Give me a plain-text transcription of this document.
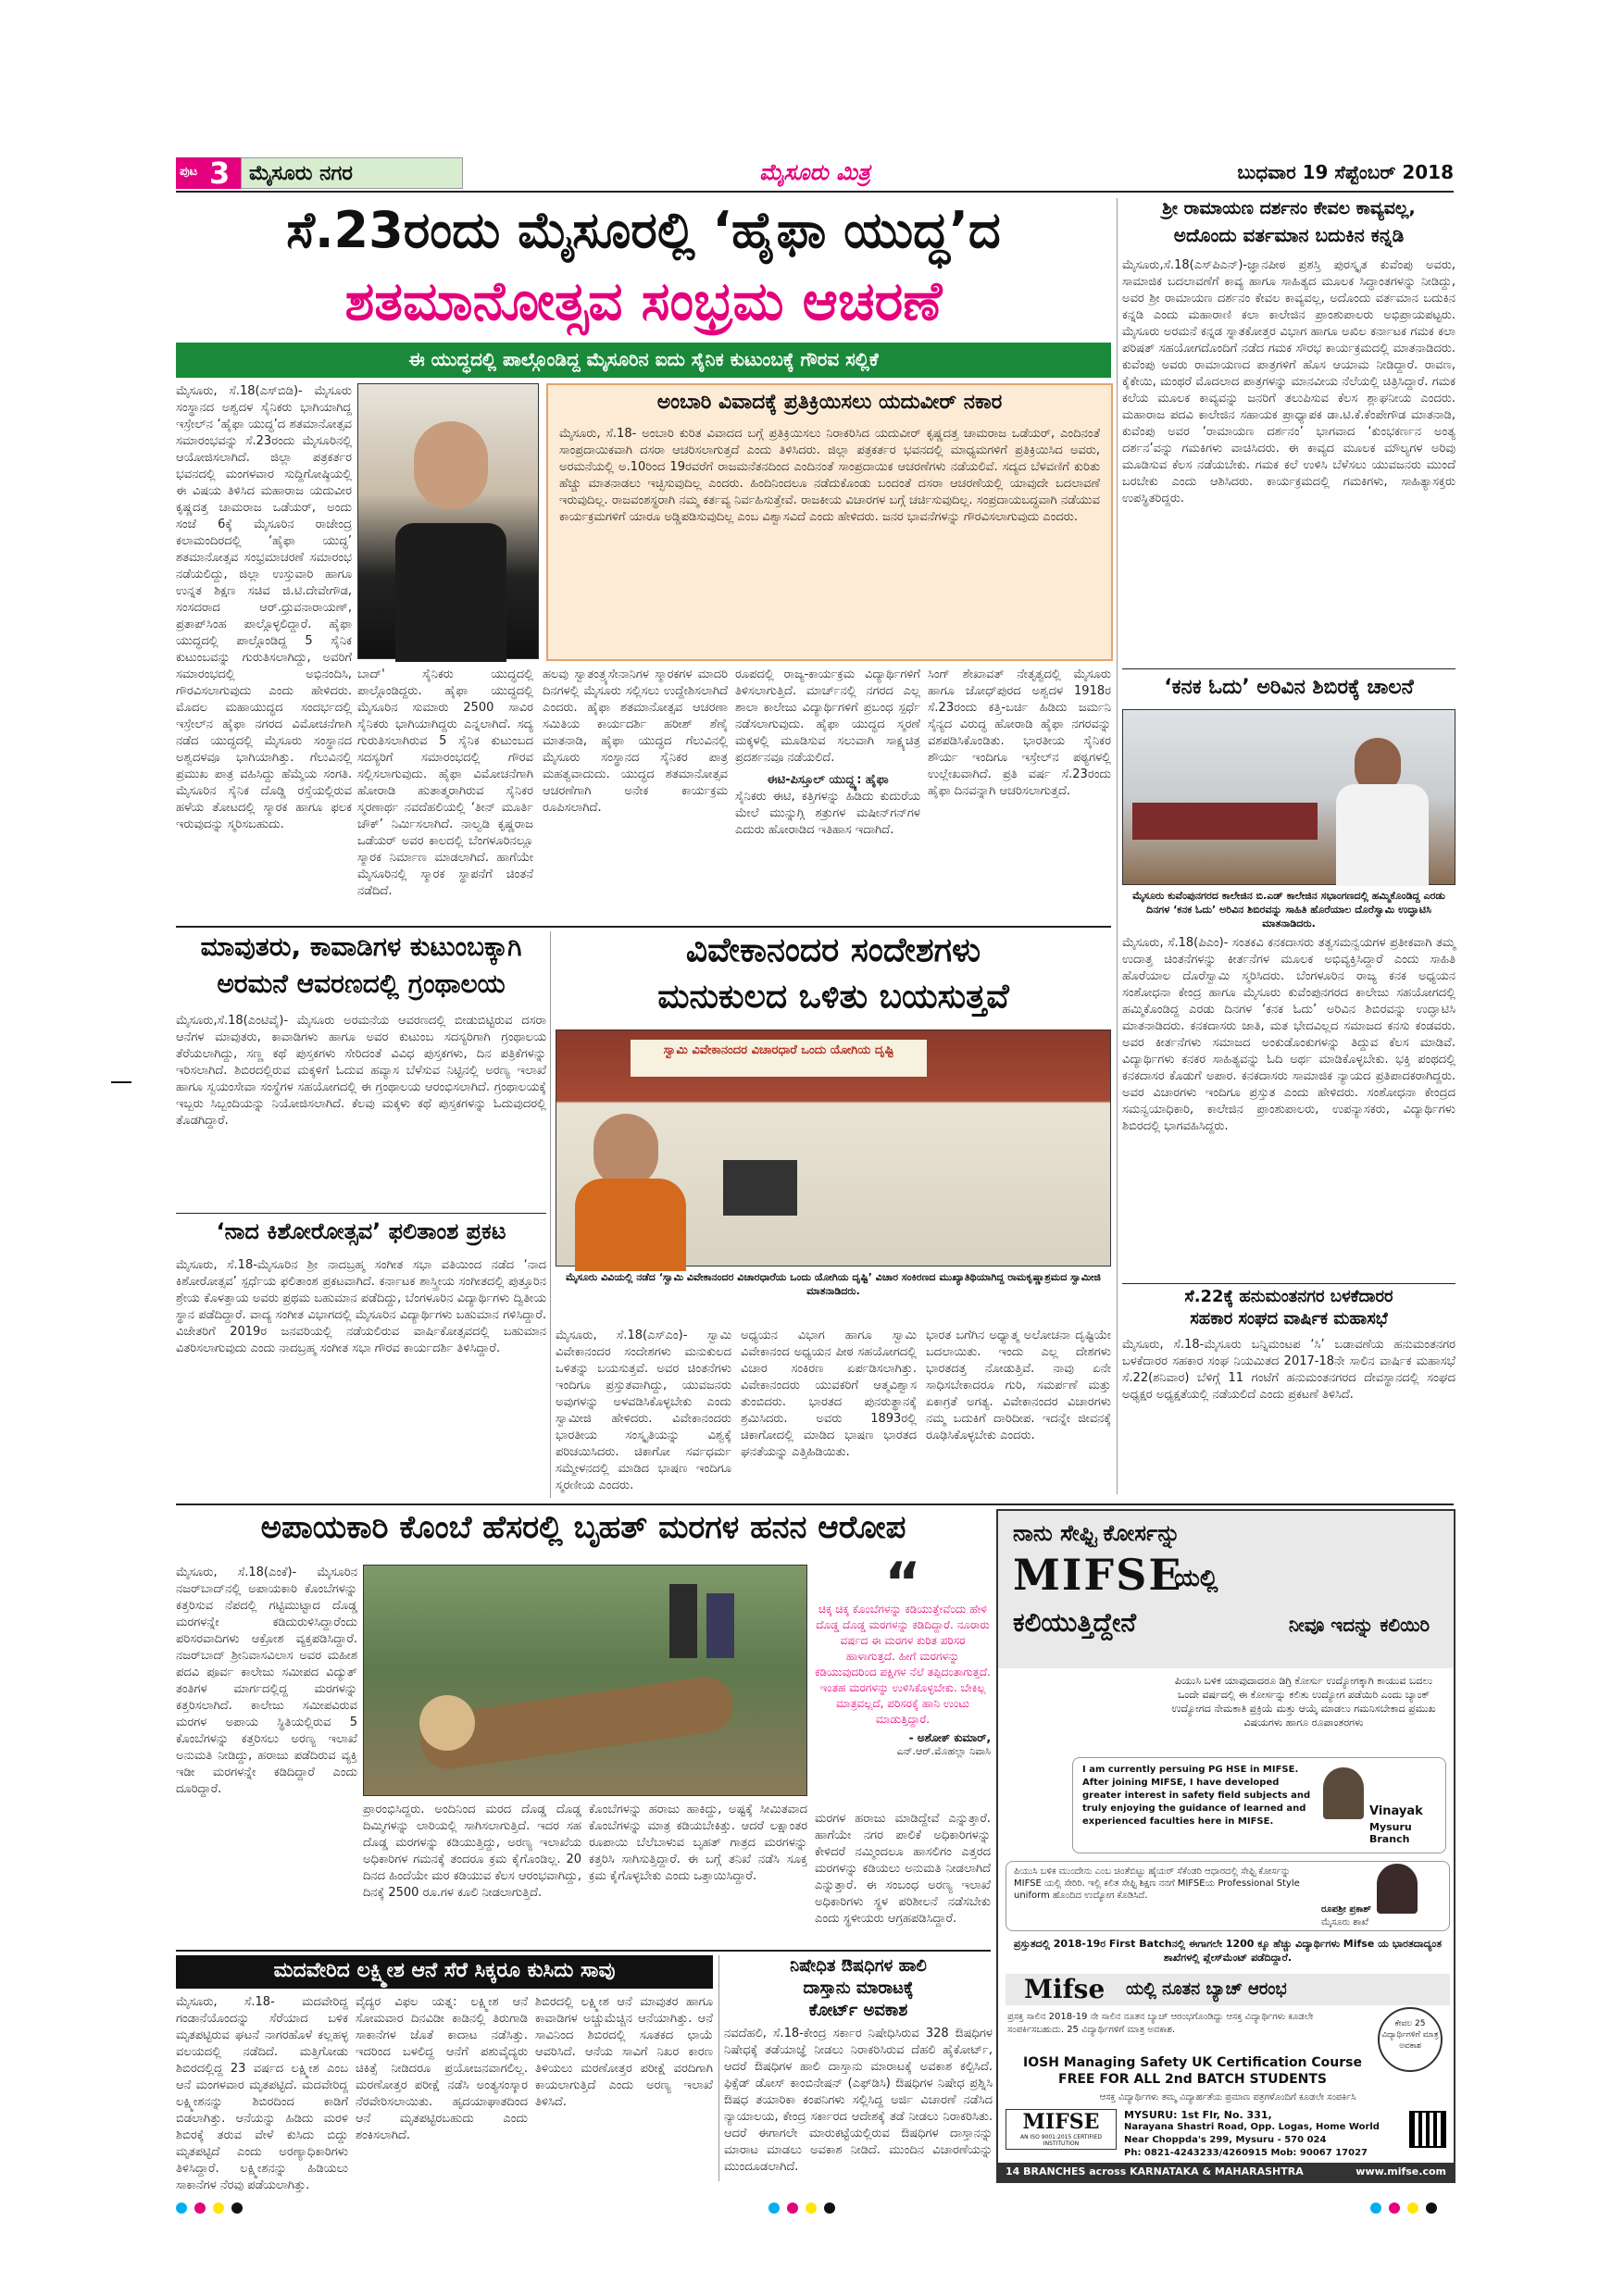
ಪುಟ 3 ಮೈಸೂರು ನಗರ	ಮೈಸೂರು ಮಿತ್ರ	ಬುಧವಾರ 19 ಸೆಪ್ಟೆಂಬರ್ 2018
ಸೆ.23ರಂದು ಮೈಸೂರಲ್ಲಿ ‘ಹೈಫಾ ಯುದ್ಧ’ದ
ಶತಮಾನೋತ್ಸವ ಸಂಭ್ರಮ ಆಚರಣೆ
ಈ ಯುದ್ಧದಲ್ಲಿ ಪಾಲ್ಗೊಂಡಿದ್ದ ಮೈಸೂರಿನ ಐದು ಸೈನಿಕ ಕುಟುಂಬಕ್ಕೆ ಗೌರವ ಸಲ್ಲಿಕೆ
ಮೈಸೂರು, ಸೆ.18(ಎಸ್‌ಬಿಡಿ)- ಮೈಸೂರು ಸಂಸ್ಥಾನದ ಅಶ್ವದಳ ಸೈನಿಕರು ಭಾಗಿಯಾಗಿದ್ದ ಇಸ್ರೇಲ್‌ನ ‘ಹೈಫಾ ಯುದ್ಧ’ದ ಶತಮಾನೋತ್ಸವ ಸಮಾರಂಭವನ್ನು ಸೆ.23ರಂದು ಮೈಸೂರಿನಲ್ಲಿ ಆಯೋಜಿಸಲಾಗಿದೆ. ಜಿಲ್ಲಾ ಪತ್ರಕರ್ತರ ಭವನದಲ್ಲಿ ಮಂಗಳವಾರ ಸುದ್ದಿಗೋಷ್ಠಿಯಲ್ಲಿ ಈ ವಿಷಯ ತಿಳಿಸಿದ ಮಹಾರಾಜ ಯದುವೀರ ಕೃಷ್ಣದತ್ತ ಚಾಮರಾಜ ಒಡೆಯರ್, ಅಂದು ಸಂಜೆ 6ಕ್ಕೆ ಮೈಸೂರಿನ ರಾಜೇಂದ್ರ ಕಲಾಮಂದಿರದಲ್ಲಿ ‘ಹೈಫಾ ಯುದ್ಧ’ ಶತಮಾನೋತ್ಸವ ಸಂಭ್ರಮಾಚರಣೆ ಸಮಾರಂಭ ನಡೆಯಲಿದ್ದು, ಜಿಲ್ಲಾ ಉಸ್ತುವಾರಿ ಹಾಗೂ ಉನ್ನತ ಶಿಕ್ಷಣ ಸಚಿವ ಜಿ.ಟಿ.ದೇವೇಗೌಡ, ಸಂಸದರಾದ ಆರ್.ಧ್ರುವನಾರಾಯಣ್, ಪ್ರತಾಪ್‌ಸಿಂಹ ಪಾಲ್ಗೊಳ್ಳಲಿದ್ದಾರೆ. ಹೈಫಾ ಯುದ್ಧದಲ್ಲಿ ಪಾಲ್ಗೊಂಡಿದ್ದ 5 ಸೈನಿಕ ಕುಟುಂಬವನ್ನು ಗುರುತಿಸಲಾಗಿದ್ದು, ಅವರಿಗೆ ಸಮಾರಂಭದಲ್ಲಿ ಅಭಿನಂದಿಸಿ, ಗೌರವಿಸಲಾಗುವುದು ಎಂದು ಹೇಳಿದರು. ಮೊದಲ ಮಹಾಯುದ್ಧದ ಸಂದರ್ಭದಲ್ಲಿ ಇಸ್ರೇಲ್‌ನ ಹೈಫಾ ನಗರದ ವಿಮೋಚನೆಗಾಗಿ ನಡೆದ ಯುದ್ಧದಲ್ಲಿ ಮೈಸೂರು ಸಂಸ್ಥಾನದ ಅಶ್ವದಳವೂ ಭಾಗಿಯಾಗಿತ್ತು. ಗೆಲುವಿನಲ್ಲಿ ಪ್ರಮುಖ ಪಾತ್ರ ವಹಿಸಿದ್ದು ಹೆಮ್ಮೆಯ ಸಂಗತಿ. ಮೈಸೂರಿನ ಸೈನಿಕ ದೊಡ್ಡಿ ರಸ್ತೆಯಲ್ಲಿರುವ ಹಳೆಯ ತೋಟದಲ್ಲಿ ಸ್ಮಾರಕ ಹಾಗೂ ಫಲಕ ಇರುವುದನ್ನು ಸ್ಮರಿಸಬಹುದು.
ಅಂಬಾರಿ ವಿವಾದಕ್ಕೆ ಪ್ರತಿಕ್ರಿಯಿಸಲು ಯದುವೀರ್ ನಕಾರ
ಮೈಸೂರು, ಸೆ.18- ಅಂಬಾರಿ ಕುರಿತ ವಿವಾದದ ಬಗ್ಗೆ ಪ್ರತಿಕ್ರಿಯಿಸಲು ನಿರಾಕರಿಸಿದ ಯದುವೀರ್ ಕೃಷ್ಣದತ್ತ ಚಾಮರಾಜ ಒಡೆಯರ್, ಎಂದಿನಂತೆ ಸಾಂಪ್ರದಾಯಿಕವಾಗಿ ದಸರಾ ಆಚರಿಸಲಾಗುತ್ತದೆ ಎಂದು ತಿಳಿಸಿದರು. ಜಿಲ್ಲಾ ಪತ್ರಕರ್ತರ ಭವನದಲ್ಲಿ ಮಾಧ್ಯಮಗಳಿಗೆ ಪ್ರತಿಕ್ರಿಯಿಸಿದ ಅವರು, ಅರಮನೆಯಲ್ಲಿ ಅ.10ರಿಂದ 19ರವರೆಗೆ ರಾಜಮನೆತನದಿಂದ ಎಂದಿನಂತೆ ಸಾಂಪ್ರದಾಯಿಕ ಆಚರಣೆಗಳು ನಡೆಯಲಿವೆ. ಸದ್ಯದ ಬೆಳವಣಿಗೆ ಕುರಿತು ಹೆಚ್ಚು ಮಾತನಾಡಲು ಇಚ್ಛಿಸುವುದಿಲ್ಲ ಎಂದರು. ಹಿಂದಿನಿಂದಲೂ ನಡೆದುಕೊಂಡು ಬಂದಂತೆ ದಸರಾ ಆಚರಣೆಯಲ್ಲಿ ಯಾವುದೇ ಬದಲಾವಣೆ ಇರುವುದಿಲ್ಲ. ರಾಜವಂಶಸ್ಥರಾಗಿ ನಮ್ಮ ಕರ್ತವ್ಯ ನಿರ್ವಹಿಸುತ್ತೇವೆ. ರಾಜಕೀಯ ವಿಚಾರಗಳ ಬಗ್ಗೆ ಚರ್ಚಿಸುವುದಿಲ್ಲ. ಸಂಪ್ರದಾಯಬದ್ಧವಾಗಿ ನಡೆಯುವ ಕಾರ್ಯಕ್ರಮಗಳಿಗೆ ಯಾರೂ ಅಡ್ಡಿಪಡಿಸುವುದಿಲ್ಲ ಎಂಬ ವಿಶ್ವಾಸವಿದೆ ಎಂದು ಹೇಳಿದರು. ಜನರ ಭಾವನೆಗಳನ್ನು ಗೌರವಿಸಲಾಗುವುದು ಎಂದರು.
ಬಾದ್' ಸೈನಿಕರು ಯುದ್ಧದಲ್ಲಿ ಪಾಲ್ಗೊಂಡಿದ್ದರು. ಹೈಫಾ ಯುದ್ಧದಲ್ಲಿ ಮೈಸೂರಿನ ಸುಮಾರು 2500 ಸಾವಿರ ಸೈನಿಕರು ಭಾಗಿಯಾಗಿದ್ದರು ಎನ್ನಲಾಗಿದೆ. ಸದ್ಯ ಗುರುತಿಸಲಾಗಿರುವ 5 ಸೈನಿಕ ಕುಟುಂಬದ ಸದಸ್ಯರಿಗೆ ಸಮಾರಂಭದಲ್ಲಿ ಗೌರವ ಸಲ್ಲಿಸಲಾಗುವುದು. ಹೈಫಾ ವಿಮೋಚನೆಗಾಗಿ ಹೋರಾಡಿ ಹುತಾತ್ಮರಾಗಿರುವ ಸೈನಿಕರ ಸ್ಮರಣಾರ್ಥ ನವದೆಹಲಿಯಲ್ಲಿ ‘ತೀನ್ ಮೂರ್ತಿ ಚೌಕ್’ ನಿರ್ಮಿಸಲಾಗಿದೆ. ನಾಲ್ವಡಿ ಕೃಷ್ಣರಾಜ ಒಡೆಯರ್ ಅವರ ಕಾಲದಲ್ಲಿ ಬೆಂಗಳೂರಿನಲ್ಲೂ ಸ್ಮಾರಕ ನಿರ್ಮಾಣ ಮಾಡಲಾಗಿದೆ. ಹಾಗೆಯೇ ಮೈಸೂರಿನಲ್ಲಿ ಸ್ಮಾರಕ ಸ್ಥಾಪನೆಗೆ ಚಿಂತನೆ ನಡೆದಿದೆ.
ಹಲವು ಸ್ವಾತಂತ್ರ್ಯಸೇನಾನಿಗಳ ಸ್ಮಾರಕಗಳ ಮಾದರಿ ದಿನಗಳಲ್ಲಿ ಮೈಸೂರು ಸಲ್ಲಿಸಲು ಉದ್ದೇಶಿಸಲಾಗಿದೆ ಎಂದರು. ಹೈಫಾ ಶತಮಾನೋತ್ಸವ ಆಚರಣಾ ಸಮಿತಿಯ ಕಾರ್ಯದರ್ಶಿ ಹರೀಶ್ ಶೆಣೈ ಮಾತನಾಡಿ, ಹೈಫಾ ಯುದ್ಧದ ಗೆಲುವಿನಲ್ಲಿ ಮೈಸೂರು ಸಂಸ್ಥಾನದ ಸೈನಿಕರ ಪಾತ್ರ ಮಹತ್ವವಾದುದು. ಯುದ್ಧದ ಶತಮಾನೋತ್ಸವ ಆಚರಣೆಗಾಗಿ ಅನೇಕ ಕಾರ್ಯಕ್ರಮ ರೂಪಿಸಲಾಗಿದೆ.
ರೂಪದಲ್ಲಿ ರಾಜ್ಯ-ಕಾರ್ಯಕ್ರಮ ವಿದ್ಯಾರ್ಥಿಗಳಿಗೆ ತಿಳಿಸಲಾಗುತ್ತಿದೆ. ಮಾರ್ಚ್‌ನಲ್ಲಿ ನಗರದ ಎಲ್ಲ ಶಾಲಾ ಕಾಲೇಜು ವಿದ್ಯಾರ್ಥಿಗಳಿಗೆ ಪ್ರಬಂಧ ಸ್ಪರ್ಧೆ ನಡೆಸಲಾಗುವುದು. ಹೈಫಾ ಯುದ್ಧದ ಸ್ಮರಣೆ ಮಕ್ಕಳಲ್ಲಿ ಮೂಡಿಸುವ ಸಲುವಾಗಿ ಸಾಕ್ಷ್ಯಚಿತ್ರ ಪ್ರದರ್ಶನವೂ ನಡೆಯಲಿದೆ.
ಈಟಿ-ಪಿಸ್ತೂಲ್ ಯುದ್ಧ್ಯ: ಹೈಫಾ
ಸೈನಿಕರು ಈಟಿ, ಕತ್ತಿಗಳನ್ನು ಹಿಡಿದು ಕುದುರೆಯ ಮೇಲೆ ಮುನ್ನುಗ್ಗಿ ಶತ್ರುಗಳ ಮಷೀನ್‌ಗನ್‌ಗಳ ಎದುರು ಹೋರಾಡಿದ ಇತಿಹಾಸ ಇದಾಗಿದೆ.
ಸಿಂಗ್ ಶೇಖಾವತ್ ನೇತೃತ್ವದಲ್ಲಿ ಮೈಸೂರು ಹಾಗೂ ಜೋಧ್‌ಪುರದ ಅಶ್ವದಳ 1918ರ ಸೆ.23ರಂದು ಕತ್ತಿ-ಬರ್ಚಿ ಹಿಡಿದು ಜರ್ಮನಿ ಸೈನ್ಯದ ವಿರುದ್ಧ ಹೋರಾಡಿ ಹೈಫಾ ನಗರವನ್ನು ವಶಪಡಿಸಿಕೊಂಡಿತು. ಭಾರತೀಯ ಸೈನಿಕರ ಶೌರ್ಯ ಇಂದಿಗೂ ಇಸ್ರೇಲ್‌ನ ಪಠ್ಯಗಳಲ್ಲಿ ಉಲ್ಲೇಖವಾಗಿದೆ. ಪ್ರತಿ ವರ್ಷ ಸೆ.23ರಂದು ಹೈಫಾ ದಿನವನ್ನಾಗಿ ಆಚರಿಸಲಾಗುತ್ತದೆ.
ಮಾವುತರು, ಕಾವಾಡಿಗಳ ಕುಟುಂಬಕ್ಕಾಗಿ
ಅರಮನೆ ಆವರಣದಲ್ಲಿ ಗ್ರಂಥಾಲಯ
ಮೈಸೂರು,ಸೆ.18(ಎಂಟಿವೈ)- ಮೈಸೂರು ಅರಮನೆಯ ಆವರಣದಲ್ಲಿ ಬೀಡುಬಿಟ್ಟಿರುವ ದಸರಾ ಆನೆಗಳ ಮಾವುತರು, ಕಾವಾಡಿಗಳು ಹಾಗೂ ಅವರ ಕುಟುಂಬ ಸದಸ್ಯರಿಗಾಗಿ ಗ್ರಂಥಾಲಯ ತೆರೆಯಲಾಗಿದ್ದು, ಸಣ್ಣ ಕಥೆ ಪುಸ್ತಕಗಳು ಸೇರಿದಂತೆ ವಿವಿಧ ಪುಸ್ತಕಗಳು, ದಿನ ಪತ್ರಿಕೆಗಳನ್ನು ಇರಿಸಲಾಗಿದೆ. ಶಿಬಿರದಲ್ಲಿರುವ ಮಕ್ಕಳಿಗೆ ಓದುವ ಹವ್ಯಾಸ ಬೆಳೆಸುವ ನಿಟ್ಟಿನಲ್ಲಿ ಅರಣ್ಯ ಇಲಾಖೆ ಹಾಗೂ ಸ್ವಯಂಸೇವಾ ಸಂಸ್ಥೆಗಳ ಸಹಯೋಗದಲ್ಲಿ ಈ ಗ್ರಂಥಾಲಯ ಆರಂಭಿಸಲಾಗಿದೆ. ಗ್ರಂಥಾಲಯಕ್ಕೆ ಇಬ್ಬರು ಸಿಬ್ಬಂದಿಯನ್ನು ನಿಯೋಜಿಸಲಾಗಿದೆ. ಕೆಲವು ಮಕ್ಕಳು ಕಥೆ ಪುಸ್ತಕಗಳನ್ನು ಓದುವುದರಲ್ಲಿ ತೊಡಗಿದ್ದಾರೆ.
‘ನಾದ ಕಿಶೋರೋತ್ಸವ’ ಫಲಿತಾಂಶ ಪ್ರಕಟ
ಮೈಸೂರು, ಸೆ.18-ಮೈಸೂರಿನ ಶ್ರೀ ನಾದಬ್ರಹ್ಮ ಸಂಗೀತ ಸಭಾ ವತಿಯಿಂದ ನಡೆದ ‘ನಾದ ಕಿಶೋರೋತ್ಸವ’ ಸ್ಪರ್ಧೆಯ ಫಲಿತಾಂಶ ಪ್ರಕಟವಾಗಿದೆ. ಕರ್ನಾಟಕ ಶಾಸ್ತ್ರೀಯ ಸಂಗೀತದಲ್ಲಿ ಪುತ್ತೂರಿನ ಶ್ರೇಯ ಕೊಳತ್ತಾಯ ಅವರು ಪ್ರಥಮ ಬಹುಮಾನ ಪಡೆದಿದ್ದು, ಬೆಂಗಳೂರಿನ ವಿದ್ಯಾರ್ಥಿಗಳು ದ್ವಿತೀಯ ಸ್ಥಾನ ಪಡೆದಿದ್ದಾರೆ. ವಾದ್ಯ ಸಂಗೀತ ವಿಭಾಗದಲ್ಲಿ ಮೈಸೂರಿನ ವಿದ್ಯಾರ್ಥಿಗಳು ಬಹುಮಾನ ಗಳಿಸಿದ್ದಾರೆ. ವಿಜೇತರಿಗೆ 2019ರ ಜನವರಿಯಲ್ಲಿ ನಡೆಯಲಿರುವ ವಾರ್ಷಿಕೋತ್ಸವದಲ್ಲಿ ಬಹುಮಾನ ವಿತರಿಸಲಾಗುವುದು ಎಂದು ನಾದಬ್ರಹ್ಮ ಸಂಗೀತ ಸಭಾ ಗೌರವ ಕಾರ್ಯದರ್ಶಿ ತಿಳಿಸಿದ್ದಾರೆ.
ವಿವೇಕಾನಂದರ ಸಂದೇಶಗಳು
ಮನುಕುಲದ ಒಳಿತು ಬಯಸುತ್ತವೆ
ಸ್ವಾಮಿ ವಿವೇಕಾನಂದರ ವಿಚಾರಧಾರೆ ಒಂದು ಯೋಗಿಯ ದೃಷ್ಟಿ
ಮೈಸೂರು ವಿವಿಯಲ್ಲಿ ನಡೆದ ‘ಸ್ವಾಮಿ ವಿವೇಕಾನಂದರ ವಿಚಾರಧಾರೆಯ ಒಂದು ಯೋಗಿಯ ದೃಷ್ಟಿ’ ವಿಚಾರ ಸಂಕಿರಣದ ಮುಖ್ಯಾತಿಥಿಯಾಗಿದ್ದ ರಾಮಕೃಷ್ಣಾಶ್ರಮದ ಸ್ವಾಮೀಜಿ ಮಾತನಾಡಿದರು.
ಮೈಸೂರು, ಸೆ.18(ಎಸ್‌ಎಂ)- ಸ್ವಾಮಿ ವಿವೇಕಾನಂದರ ಸಂದೇಶಗಳು ಮನುಕುಲದ ಒಳಿತನ್ನು ಬಯಸುತ್ತವೆ. ಅವರ ಚಿಂತನೆಗಳು ಇಂದಿಗೂ ಪ್ರಸ್ತುತವಾಗಿದ್ದು, ಯುವಜನರು ಅವುಗಳನ್ನು ಅಳವಡಿಸಿಕೊಳ್ಳಬೇಕು ಎಂದು ಸ್ವಾಮೀಜಿ ಹೇಳಿದರು. ವಿವೇಕಾನಂದರು ಭಾರತೀಯ ಸಂಸ್ಕೃತಿಯನ್ನು ವಿಶ್ವಕ್ಕೆ ಪರಿಚಯಿಸಿದರು. ಚಿಕಾಗೋ ಸರ್ವಧರ್ಮ ಸಮ್ಮೇಳನದಲ್ಲಿ ಮಾಡಿದ ಭಾಷಣ ಇಂದಿಗೂ ಸ್ಮರಣೀಯ ಎಂದರು.
ಅಧ್ಯಯನ ವಿಭಾಗ ಹಾಗೂ ಸ್ವಾಮಿ ವಿವೇಕಾನಂದ ಅಧ್ಯಯನ ಪೀಠ ಸಹಯೋಗದಲ್ಲಿ ವಿಚಾರ ಸಂಕಿರಣ ಏರ್ಪಡಿಸಲಾಗಿತ್ತು. ವಿವೇಕಾನಂದರು ಯುವಕರಿಗೆ ಆತ್ಮವಿಶ್ವಾಸ ತುಂಬಿದರು. ಭಾರತದ ಪುನರುತ್ಥಾನಕ್ಕೆ ಶ್ರಮಿಸಿದರು. ಅವರು 1893ರಲ್ಲಿ ಚಿಕಾಗೋದಲ್ಲಿ ಮಾಡಿದ ಭಾಷಣ ಭಾರತದ ಘನತೆಯನ್ನು ಎತ್ತಿಹಿಡಿಯಿತು.
ಶ್ರೀ ರಾಮಾಯಣ ದರ್ಶನಂ ಕೇವಲ ಕಾವ್ಯವಲ್ಲ,
ಅದೊಂದು ವರ್ತಮಾನ ಬದುಕಿನ ಕನ್ನಡಿ
ಮೈಸೂರು,ಸೆ.18(ಎಸ್‌ಪಿಎನ್)-ಜ್ಞಾನಪೀಠ ಪ್ರಶಸ್ತಿ ಪುರಸ್ಕೃತ ಕುವೆಂಪು ಅವರು, ಸಾಮಾಜಿಕ ಬದಲಾವಣೆಗೆ ಕಾವ್ಯ ಹಾಗೂ ಸಾಹಿತ್ಯದ ಮೂಲಕ ಸಿದ್ಧಾಂತಗಳನ್ನು ನೀಡಿದ್ದು, ಅವರ ಶ್ರೀ ರಾಮಾಯಣ ದರ್ಶನಂ ಕೇವಲ ಕಾವ್ಯವಲ್ಲ, ಅದೊಂದು ವರ್ತಮಾನ ಬದುಕಿನ ಕನ್ನಡಿ ಎಂದು ಮಹಾರಾಣಿ ಕಲಾ ಕಾಲೇಜಿನ ಪ್ರಾಂಶುಪಾಲರು ಅಭಿಪ್ರಾಯಪಟ್ಟರು. ಮೈಸೂರು ಅರಮನೆ ಕನ್ನಡ ಸ್ನಾತಕೋತ್ತರ ವಿಭಾಗ ಹಾಗೂ ಅಖಿಲ ಕರ್ನಾಟಕ ಗಮಕ ಕಲಾ ಪರಿಷತ್ ಸಹಯೋಗದೊಂದಿಗೆ ನಡೆದ ಗಮಕ ಸೌರಭ ಕಾರ್ಯಕ್ರಮದಲ್ಲಿ ಮಾತನಾಡಿದರು. ಕುವೆಂಪು ಅವರು ರಾಮಾಯಣದ ಪಾತ್ರಗಳಿಗೆ ಹೊಸ ಆಯಾಮ ನೀಡಿದ್ದಾರೆ. ರಾವಣ, ಕೈಕೇಯಿ, ಮಂಥರೆ ಮೊದಲಾದ ಪಾತ್ರಗಳನ್ನು ಮಾನವೀಯ ನೆಲೆಯಲ್ಲಿ ಚಿತ್ರಿಸಿದ್ದಾರೆ. ಗಮಕ ಕಲೆಯ ಮೂಲಕ ಕಾವ್ಯವನ್ನು ಜನರಿಗೆ ತಲುಪಿಸುವ ಕೆಲಸ ಶ್ಲಾಘನೀಯ ಎಂದರು. ಮಹಾರಾಜ ಪದವಿ ಕಾಲೇಜಿನ ಸಹಾಯಕ ಪ್ರಾಧ್ಯಾಪಕ ಡಾ.ಟಿ.ಕೆ.ಕೆಂಪೇಗೌಡ ಮಾತನಾಡಿ, ಕುವೆಂಪು ಅವರ ‘ರಾಮಾಯಣ ದರ್ಶನಂ’ ಭಾಗವಾದ ‘ಕುಂಭಕರ್ಣನ ಅಂತ್ಯ ದರ್ಶನ’ವನ್ನು ಗಮಕಿಗಳು ವಾಚಿಸಿದರು. ಈ ಕಾವ್ಯದ ಮೂಲಕ ಮೌಲ್ಯಗಳ ಅರಿವು ಮೂಡಿಸುವ ಕೆಲಸ ನಡೆಯಬೇಕು. ಗಮಕ ಕಲೆ ಉಳಿಸಿ ಬೆಳೆಸಲು ಯುವಜನರು ಮುಂದೆ ಬರಬೇಕು ಎಂದು ಆಶಿಸಿದರು. ಕಾರ್ಯಕ್ರಮದಲ್ಲಿ ಗಮಕಿಗಳು, ಸಾಹಿತ್ಯಾಸಕ್ತರು ಉಪಸ್ಥಿತರಿದ್ದರು.
‘ಕನಕ ಓದು’ ಅರಿವಿನ ಶಿಬಿರಕ್ಕೆ ಚಾಲನೆ
ಮೈಸೂರು ಕುವೆಂಪುನಗರದ ಕಾಲೇಜಿನ ಬಿ.ಎಡ್ ಕಾಲೇಜಿನ ಸಭಾಂಗಣದಲ್ಲಿ ಹಮ್ಮಿಕೊಂಡಿದ್ದ ಎರಡು ದಿನಗಳ ‘ಕನಕ ಓದು’ ಅರಿವಿನ ಶಿಬಿರವನ್ನು ಸಾಹಿತಿ ಹೊರೆಯಾಲ ದೊರೆಸ್ವಾಮಿ ಉದ್ಘಾಟಿಸಿ ಮಾತನಾಡಿದರು.
ಮೈಸೂರು, ಸೆ.18(ಪಿಎಂ)- ಸಂತಕವಿ ಕನಕದಾಸರು ತತ್ವಸಮನ್ವಯಗಳ ಪ್ರತೀಕವಾಗಿ ತಮ್ಮ ಉದಾತ್ತ ಚಿಂತನೆಗಳನ್ನು ಕೀರ್ತನೆಗಳ ಮೂಲಕ ಅಭಿವ್ಯಕ್ತಿಸಿದ್ದಾರೆ ಎಂದು ಸಾಹಿತಿ ಹೊರೆಯಾಲ ದೊರೆಸ್ವಾಮಿ ಸ್ಮರಿಸಿದರು. ಬೆಂಗಳೂರಿನ ರಾಜ್ಯ ಕನಕ ಅಧ್ಯಯನ ಸಂಶೋಧನಾ ಕೇಂದ್ರ ಹಾಗೂ ಮೈಸೂರು ಕುವೆಂಪುನಗರದ ಕಾಲೇಜು ಸಹಯೋಗದಲ್ಲಿ ಹಮ್ಮಿಕೊಂಡಿದ್ದ ಎರಡು ದಿನಗಳ ‘ಕನಕ ಓದು’ ಅರಿವಿನ ಶಿಬಿರವನ್ನು ಉದ್ಘಾಟಿಸಿ ಮಾತನಾಡಿದರು. ಕನಕದಾಸರು ಜಾತಿ, ಮತ ಭೇದವಿಲ್ಲದ ಸಮಾಜದ ಕನಸು ಕಂಡವರು. ಅವರ ಕೀರ್ತನೆಗಳು ಸಮಾಜದ ಅಂಕುಡೊಂಕುಗಳನ್ನು ತಿದ್ದುವ ಕೆಲಸ ಮಾಡಿವೆ. ವಿದ್ಯಾರ್ಥಿಗಳು ಕನಕರ ಸಾಹಿತ್ಯವನ್ನು ಓದಿ ಅರ್ಥ ಮಾಡಿಕೊಳ್ಳಬೇಕು. ಭಕ್ತಿ ಪಂಥದಲ್ಲಿ ಕನಕದಾಸರ ಕೊಡುಗೆ ಅಪಾರ. ಕನಕದಾಸರು ಸಾಮಾಜಿಕ ನ್ಯಾಯದ ಪ್ರತಿಪಾದಕರಾಗಿದ್ದರು. ಅವರ ವಿಚಾರಗಳು ಇಂದಿಗೂ ಪ್ರಸ್ತುತ ಎಂದು ಹೇಳಿದರು. ಸಂಶೋಧನಾ ಕೇಂದ್ರದ ಸಮನ್ವಯಾಧಿಕಾರಿ, ಕಾಲೇಜಿನ ಪ್ರಾಂಶುಪಾಲರು, ಉಪನ್ಯಾಸಕರು, ವಿದ್ಯಾರ್ಥಿಗಳು ಶಿಬಿರದಲ್ಲಿ ಭಾಗವಹಿಸಿದ್ದರು.
ಸೆ.22ಕ್ಕೆ ಹನುಮಂತನಗರ ಬಳಕೆದಾರರ
ಸಹಕಾರ ಸಂಘದ ವಾರ್ಷಿಕ ಮಹಾಸಭೆ
ಮೈಸೂರು, ಸೆ.18-ಮೈಸೂರು ಬನ್ನಿಮಂಟಪ ‘ಸಿ’ ಬಡಾವಣೆಯ ಹನುಮಂತನಗರ ಬಳಕೆದಾರರ ಸಹಕಾರ ಸಂಘ ನಿಯಮಿತದ 2017-18ನೇ ಸಾಲಿನ ವಾರ್ಷಿಕ ಮಹಾಸಭೆ ಸೆ.22(ಶನಿವಾರ) ಬೆಳಿಗ್ಗೆ 11 ಗಂಟೆಗೆ ಹನುಮಂತನಗರದ ದೇವಸ್ಥಾನದಲ್ಲಿ ಸಂಘದ ಅಧ್ಯಕ್ಷರ ಅಧ್ಯಕ್ಷತೆಯಲ್ಲಿ ನಡೆಯಲಿದೆ ಎಂದು ಪ್ರಕಟಣೆ ತಿಳಿಸಿದೆ.
ಭಾರತ ಬಗೆಗಿನ ಅಧ್ಯಾತ್ಮ ಅಲೋಚನಾ ದೃಷ್ಟಿಯೇ ಬದಲಾಯಿತು. ಇಂದು ಎಲ್ಲ ದೇಶಗಳು ಭಾರತದತ್ತ ನೋಡುತ್ತಿವೆ. ನಾವು ಏನೇ ಸಾಧಿಸಬೇಕಾದರೂ ಗುರಿ, ಸಮರ್ಪಣೆ ಮತ್ತು ಏಕಾಗ್ರತೆ ಅಗತ್ಯ. ವಿವೇಕಾನಂದರ ವಿಚಾರಗಳು ನಮ್ಮ ಬದುಕಿಗೆ ದಾರಿದೀಪ. ಇದನ್ನೇ ಜೀವನಕ್ಕೆ ರೂಢಿಸಿಕೊಳ್ಳಬೇಕು ಎಂದರು.
ಅಪಾಯಕಾರಿ ಕೊಂಬೆ ಹೆಸರಲ್ಲಿ ಬೃಹತ್ ಮರಗಳ ಹನನ ಆರೋಪ
ಮೈಸೂರು, ಸೆ.18(ಎಂಕೆ)- ಮೈಸೂರಿನ ನಜರ್‌ಬಾದ್‌ನಲ್ಲಿ ಅಪಾಯಕಾರಿ ಕೊಂಬೆಗಳನ್ನು ಕತ್ತರಿಸುವ ನೆಪದಲ್ಲಿ ಗಟ್ಟಿಮುಟ್ಟಾದ ದೊಡ್ಡ ಮರಗಳನ್ನೇ ಕಡಿದುರುಳಿಸಿದ್ದಾರೆಂದು ಪರಿಸರವಾದಿಗಳು ಆಕ್ರೋಶ ವ್ಯಕ್ತಪಡಿಸಿದ್ದಾರೆ. ನಜರ್‌ಬಾದ್ ಶ್ರೀನಿವಾಸವಿಲಾಸ ಅವರ ಮಹೀಶ ಪದವಿ ಪೂರ್ವ ಕಾಲೇಜು ಸಮೀಪದ ವಿದ್ಯುತ್ ತಂತಿಗಳ ಮಾರ್ಗದಲ್ಲಿದ್ದ ಮರಗಳನ್ನು ಕತ್ತರಿಸಲಾಗಿದೆ. ಕಾಲೇಜು ಸಮೀಪವಿರುವ ಮರಗಳ ಅಪಾಯ ಸ್ಥಿತಿಯಲ್ಲಿರುವ 5 ಕೊಂಬೆಗಳನ್ನು ಕತ್ತರಿಸಲು ಅರಣ್ಯ ಇಲಾಖೆ ಅನುಮತಿ ನೀಡಿದ್ದು, ಹರಾಜು ಪಡೆದಿರುವ ವ್ಯಕ್ತಿ ಇಡೀ ಮರಗಳನ್ನೇ ಕಡಿದಿದ್ದಾರೆ ಎಂದು ದೂರಿದ್ದಾರೆ.
ಪ್ರಾರಂಭಿಸಿದ್ದರು. ಅಂದಿನಿಂದ ಮರದ ದೊಡ್ಡ ದೊಡ್ಡ ದಿಮ್ಮಿಗಳನ್ನು ಲಾರಿಯಲ್ಲಿ ಸಾಗಿಸಲಾಗುತ್ತಿದೆ. ಇದರ ಸಹ ದೊಡ್ಡ ಮರಗಳನ್ನು ಕಡಿಯುತ್ತಿದ್ದು, ಅರಣ್ಯ ಇಲಾಖೆಯ ಅಧಿಕಾರಿಗಳ ಗಮನಕ್ಕೆ ತಂದರೂ ಕ್ರಮ ಕೈಗೊಂಡಿಲ್ಲ. 20 ದಿನದ ಹಿಂದೆಯೇ ಮರ ಕಡಿಯುವ ಕೆಲಸ ಆರಂಭವಾಗಿದ್ದು, ದಿನಕ್ಕೆ 2500 ರೂ.ಗಳ ಕೂಲಿ ನೀಡಲಾಗುತ್ತಿದೆ.
ಕೊಂಬೆಗಳನ್ನು ಹರಾಜು ಹಾಕಿದ್ದು, ಅಷ್ಟಕ್ಕೆ ಸೀಮಿತವಾದ ಕೊಂಬೆಗಳನ್ನು ಮಾತ್ರ ಕಡಿಯಬೇಕಿತ್ತು. ಆದರೆ ಲಕ್ಷಾಂತರ ರೂಪಾಯಿ ಬೆಲೆಬಾಳುವ ಬೃಹತ್ ಗಾತ್ರದ ಮರಗಳನ್ನು ಕತ್ತರಿಸಿ ಸಾಗಿಸುತ್ತಿದ್ದಾರೆ. ಈ ಬಗ್ಗೆ ತನಿಖೆ ನಡೆಸಿ ಸೂಕ್ತ ಕ್ರಮ ಕೈಗೊಳ್ಳಬೇಕು ಎಂದು ಒತ್ತಾಯಿಸಿದ್ದಾರೆ.
“
ಚಿಕ್ಕ ಚಿಕ್ಕ ಕೊಂಬೆಗಳನ್ನು ಕಡಿಯುತ್ತೇವೆಂದು ಹೇಳಿ ದೊಡ್ಡ ದೊಡ್ಡ ಮರಗಳನ್ನು ಕಡಿದಿದ್ದಾರೆ. ನೂರಾರು ವರ್ಷದ ಈ ಮರಗಳ ಕುರಿತ ಪರಿಸರ ಹಾಳಾಗುತ್ತದೆ. ಹೀಗೆ ಮರಗಳನ್ನು ಕಡಿಯುವುದರಿಂದ ಪಕ್ಷಿಗಳ ನೆಲೆ ತಪ್ಪಿದಂತಾಗುತ್ತದೆ. ಇಂತಹ ಮರಗಳನ್ನು ಉಳಿಸಿಕೊಳ್ಳಬೇಕು. ಬೇಕಿಲ್ಲ ಮಾತ್ರವಲ್ಲದೆ, ಪರಿಸರಕ್ಕೆ ಹಾನಿ ಉಂಟು ಮಾಡುತ್ತಿದ್ದಾರೆ.
- ಅಶೋಕ್ ಕುಮಾರ್,
ಎನ್.ಆರ್.ಮೊಹಲ್ಲಾ ನಿವಾಸಿ
ಮರಗಳ ಹರಾಜು ಮಾಡಿದ್ದೇವೆ ಎನ್ನುತ್ತಾರೆ. ಹಾಗೆಯೇ ನಗರ ಪಾಲಿಕೆ ಅಧಿಕಾರಿಗಳನ್ನು ಕೇಳಿದರೆ ನಮ್ಮಿಂದಲೂ ಹಾಸಲಿಗಂ ಎತ್ತರದ ಮರಗಳನ್ನು ಕಡಿಯಲು ಅನುಮತಿ ನೀಡಲಾಗಿದೆ ಎನ್ನುತ್ತಾರೆ. ಈ ಸಂಬಂಧ ಅರಣ್ಯ ಇಲಾಖೆ ಅಧಿಕಾರಿಗಳು ಸ್ಥಳ ಪರಿಶೀಲನೆ ನಡೆಸಬೇಕು ಎಂದು ಸ್ಥಳೀಯರು ಆಗ್ರಹಪಡಿಸಿದ್ದಾರೆ.
ಮದವೇರಿದ ಲಕ್ಷ್ಮೀಶ ಆನೆ ಸೆರೆ ಸಿಕ್ಕರೂ ಕುಸಿದು ಸಾವು
ಮೈಸೂರು, ಸೆ.18- ಮದವೇರಿದ್ದ ಗಂಡಾನೆಯೊಂದನ್ನು ಸೆರೆಯಾದ ಬಳಿಕ ಮೃತಪಟ್ಟಿರುವ ಘಟನೆ ನಾಗರಹೊಳೆ ಕಲ್ಲಹಳ್ಳ ವಲಯದಲ್ಲಿ ನಡೆದಿದೆ. ಮತ್ತಿಗೋಡು ಶಿಬಿರದಲ್ಲಿದ್ದ 23 ವರ್ಷದ ಲಕ್ಷ್ಮೀಶ ಎಂಬ ಆನೆ ಮಂಗಳವಾರ ಮೃತಪಟ್ಟಿದೆ. ಮದವೇರಿದ್ದ ಲಕ್ಷ್ಮೀಶನನ್ನು ಶಿಬಿರದಿಂದ ಕಾಡಿಗೆ ಬಿಡಲಾಗಿತ್ತು. ಆನೆಯನ್ನು ಹಿಡಿದು ಮರಳಿ ಶಿಬಿರಕ್ಕೆ ತರುವ ವೇಳೆ ಕುಸಿದು ಬಿದ್ದು ಮೃತಪಟ್ಟಿದೆ ಎಂದು ಅರಣ್ಯಾಧಿಕಾರಿಗಳು ತಿಳಿಸಿದ್ದಾರೆ. ಲಕ್ಷ್ಮೀಶನನ್ನು ಹಿಡಿಯಲು ಸಾಕಾನೆಗಳ ನೆರವು ಪಡೆಯಲಾಗಿತ್ತು.
ವೈದ್ಯರ ವಿಫಲ ಯತ್ನ: ಲಕ್ಷ್ಮೀಶ ಆನೆ ಸೋಮವಾರ ದಿನವಿಡೀ ಕಾಡಿನಲ್ಲಿ ತಿರುಗಾಡಿ ಸಾಕಾನೆಗಳ ಜೊತೆ ಕಾದಾಟ ನಡೆಸಿತ್ತು. ಇದರಿಂದ ಬಳಲಿದ್ದ ಆನೆಗೆ ಪಶುವೈದ್ಯರು ಚಿಕಿತ್ಸೆ ನೀಡಿದರೂ ಪ್ರಯೋಜನವಾಗಲಿಲ್ಲ. ಮರಣೋತ್ತರ ಪರೀಕ್ಷೆ ನಡೆಸಿ ಅಂತ್ಯಸಂಸ್ಕಾರ ನೆರವೇರಿಸಲಾಯಿತು. ಹೃದಯಾಘಾತದಿಂದ ಆನೆ ಮೃತಪಟ್ಟಿರಬಹುದು ಎಂದು ಶಂಕಿಸಲಾಗಿದೆ.
ಶಿಬಿರದಲ್ಲಿ ಲಕ್ಷ್ಮೀಶ ಆನೆ ಮಾವುತರ ಹಾಗೂ ಕಾವಾಡಿಗಳ ಅಚ್ಚುಮೆಚ್ಚಿನ ಆನೆಯಾಗಿತ್ತು. ಆನೆ ಸಾವಿನಿಂದ ಶಿಬಿರದಲ್ಲಿ ಸೂತಕದ ಛಾಯೆ ಆವರಿಸಿದೆ. ಆನೆಯ ಸಾವಿಗೆ ನಿಖರ ಕಾರಣ ತಿಳಿಯಲು ಮರಣೋತ್ತರ ಪರೀಕ್ಷೆ ವರದಿಗಾಗಿ ಕಾಯಲಾಗುತ್ತಿದೆ ಎಂದು ಅರಣ್ಯ ಇಲಾಖೆ ತಿಳಿಸಿದೆ.
ನಿಷೇಧಿತ ಔಷಧಿಗಳ ಹಾಲಿ
ದಾಸ್ತಾನು ಮಾರಾಟಕ್ಕೆ
ಕೋರ್ಟ್ ಅವಕಾಶ
ನವದೆಹಲಿ, ಸೆ.18-ಕೇಂದ್ರ ಸರ್ಕಾರ ನಿಷೇಧಿಸಿರುವ 328 ಔಷಧಿಗಳ ನಿಷೇಧಕ್ಕೆ ತಡೆಯಾಜ್ಞೆ ನೀಡಲು ನಿರಾಕರಿಸಿರುವ ದೆಹಲಿ ಹೈಕೋರ್ಟ್, ಆದರೆ ಔಷಧಿಗಳ ಹಾಲಿ ದಾಸ್ತಾನು ಮಾರಾಟಕ್ಕೆ ಅವಕಾಶ ಕಲ್ಪಿಸಿದೆ. ಫಿಕ್ಸೆಡ್ ಡೋಸ್ ಕಾಂಬಿನೇಷನ್ (ಎಫ್‌ಡಿಸಿ) ಔಷಧಿಗಳ ನಿಷೇಧ ಪ್ರಶ್ನಿಸಿ ಔಷಧ ತಯಾರಿಕಾ ಕಂಪನಿಗಳು ಸಲ್ಲಿಸಿದ್ದ ಅರ್ಜಿ ವಿಚಾರಣೆ ನಡೆಸಿದ ನ್ಯಾಯಾಲಯ, ಕೇಂದ್ರ ಸರ್ಕಾರದ ಆದೇಶಕ್ಕೆ ತಡೆ ನೀಡಲು ನಿರಾಕರಿಸಿತು. ಆದರೆ ಈಗಾಗಲೇ ಮಾರುಕಟ್ಟೆಯಲ್ಲಿರುವ ಔಷಧಿಗಳ ದಾಸ್ತಾನನ್ನು ಮಾರಾಟ ಮಾಡಲು ಅವಕಾಶ ನೀಡಿದೆ. ಮುಂದಿನ ವಿಚಾರಣೆಯನ್ನು ಮುಂದೂಡಲಾಗಿದೆ.
ನಾನು ಸೇಫ್ಟಿ ಕೋರ್ಸನ್ನು
MIFSE
ಯಲ್ಲಿ
ಕಲಿಯುತ್ತಿದ್ದೇನೆ	ನೀವೂ ಇದನ್ನು ಕಲಿಯಿರಿ
ಪಿಯುಸಿ ಬಳಿಕ ಯಾವುದಾದರೂ ಡಿಗ್ರಿ ಕೋರ್ಸು ಉದ್ಯೋಗಕ್ಕಾಗಿ ಕಾಯುವ ಬದಲು ಒಂದೇ ವರ್ಷದಲ್ಲಿ ಈ ಕೋರ್ಸನ್ನು ಕಲಿತು ಉದ್ಯೋಗ ಪಡೆಯಿರಿ ಎಂದು ಬ್ಯಾಂಕ್ ಉದ್ಯೋಗದ ನೇಮಕಾತಿ ಪ್ರಕ್ರಿಯೆ ಮತ್ತು ಆಯ್ಕೆ ಮಾಡಲು ಗಮನಿಸಬೇಕಾದ ಪ್ರಮುಖ ವಿಷಯಗಳು ಹಾಗೂ ರೂಪಾಂತರಗಳು
I am currently persuing PG HSE in MIFSE. After joining MIFSE, I have developed greater interest in safety field subjects and truly enjoying the guidance of learned and experienced faculties here in MIFSE.
Vinayak
Mysuru Branch
ಪಿಯುಸಿ ಬಳಿಕ ಮುಂದೇನು ಎಂಬ ಚಿಂತೆಬಿಟ್ಟು ಹೈಯರ್ ಸೆಕೆಂಡರಿ ಆಧಾರದಲ್ಲಿ ಸೇಫ್ಟಿ ಕೋರ್ಸನ್ನು MIFSE ಯಲ್ಲಿ ಸೇರಿರಿ. ಇಲ್ಲಿ ಕಲಿತ ಸೇಫ್ಟಿ ಶಿಕ್ಷಣ ನನಗೆ MIFSEಯ Professional Style uniform ಹೊಂದಿದ ಉದ್ಯೋಗ ಕೊಡಿಸಿದೆ.
ರೂಪಶ್ರೀ ಪ್ರಕಾಶ್
ಮೈಸೂರು ಶಾಖೆ
ಪ್ರಸ್ತುತದಲ್ಲಿ 2018-19ರ First Batchನಲ್ಲಿ ಈಗಾಗಲೇ 1200 ಕ್ಕೂ ಹೆಚ್ಚು ವಿದ್ಯಾರ್ಥಿಗಳು Mifse ಯ ಭಾರತದಾದ್ಯಂತ ಶಾಖೆಗಳಲ್ಲಿ ಪ್ಲೇಸ್‌ಮೆಂಟ್ ಪಡೆದಿದ್ದಾರೆ.
Mifse ಯಲ್ಲಿ ನೂತನ ಬ್ಯಾಚ್ ಆರಂಭ
ಪ್ರಸಕ್ತ ಸಾಲಿನ 2018-19 ನೇ ಸಾಲಿನ ನೂತನ ಬ್ಯಾಚ್ ಆರಂಭಗೊಂಡಿದ್ದು ಆಸಕ್ತ ವಿದ್ಯಾರ್ಥಿಗಳು ಕೂಡಲೇ ಸಂಪರ್ಕಿಸಬಹುದು. 25 ವಿದ್ಯಾರ್ಥಿಗಳಿಗೆ ಮಾತ್ರ ಅವಕಾಶ.
ಕೇವಲ 25 ವಿದ್ಯಾರ್ಥಿಗಳಿಗೆ ಮಾತ್ರ ಅವಕಾಶ
IOSH Managing Safety UK Certification Course
FREE FOR ALL 2nd BATCH STUDENTS
ಆಸಕ್ತ ವಿದ್ಯಾರ್ಥಿಗಳು ತಮ್ಮ ವಿದ್ಯಾರ್ಹತೆಯ ಪ್ರಮಾಣ ಪತ್ರಗಳೊಂದಿಗೆ ಕೂಡಲೇ ಸಂಪರ್ಕಿಸಿ
MIFSE
AN ISO 9001:2015 CERTIFIED INSTITUTION
MYSURU: 1st Flr, No. 331,
Narayana Shastri Road, Opp. Logas, Home World
Near Choppda's 299, Mysuru - 570 024
Ph: 0821-4243233/4260915 Mob: 90067 17027
14 BRANCHES across KARNATAKA & MAHARASHTRA	www.mifse.com
